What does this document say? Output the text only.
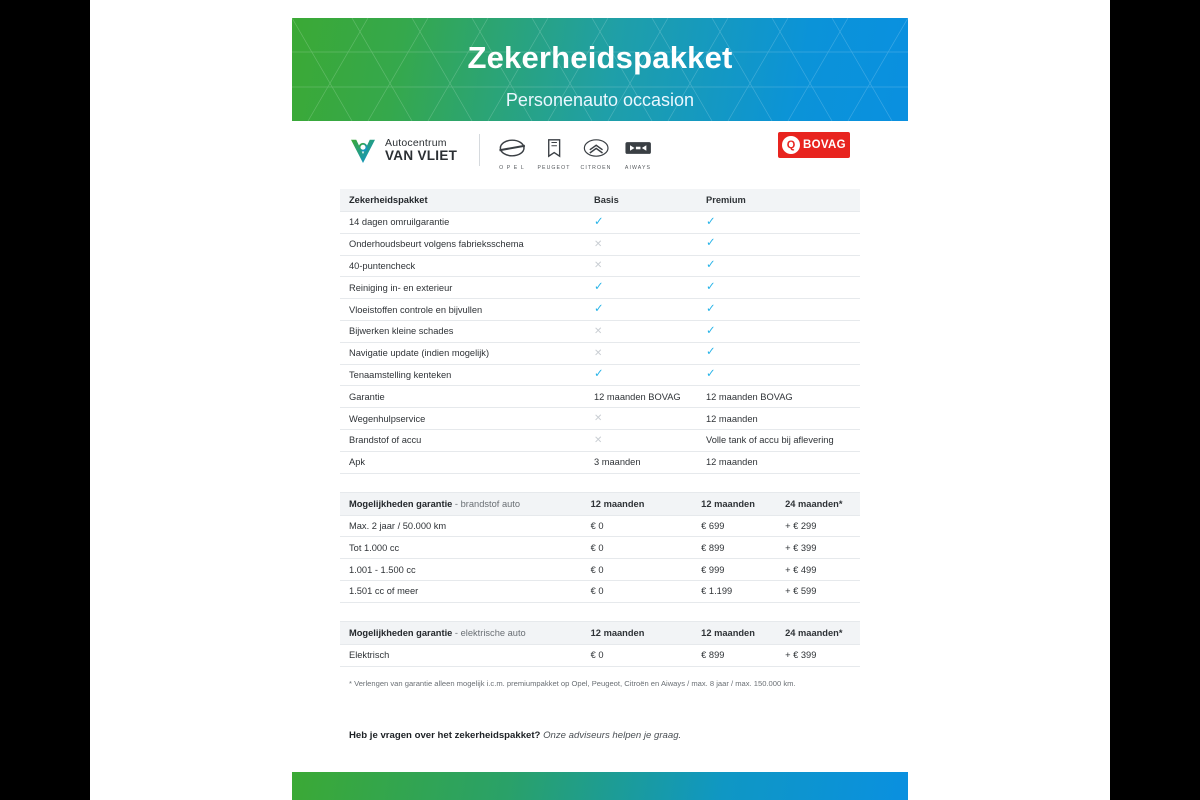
Zekerheidspakket
Personenauto occasion
Autocentrum
VAN VLIET
O P E L	PEUGEOT	CITROEN	AIWAYS
Q BOVAG
Zekerheidspakket	Basis	Premium
14 dagen omruilgarantie	✓	✓
Onderhoudsbeurt volgens fabrieksschema	✕	✓
40-puntencheck	✕	✓
Reiniging in- en exterieur	✓	✓
Vloeistoffen controle en bijvullen	✓	✓
Bijwerken kleine schades	✕	✓
Navigatie update (indien mogelijk)	✕	✓
Tenaamstelling kenteken	✓	✓
Garantie	12 maanden BOVAG	12 maanden BOVAG
Wegenhulpservice	✕	12 maanden
Brandstof of accu	✕	Volle tank of accu bij aflevering
Apk	3 maanden	12 maanden
Mogelijkheden garantie - brandstof auto	12 maanden	12 maanden	24 maanden*
Max. 2 jaar / 50.000 km	€ 0	€ 699	+ € 299
Tot 1.000 cc	€ 0	€ 899	+ € 399
1.001 - 1.500 cc	€ 0	€ 999	+ € 499
1.501 cc of meer	€ 0	€ 1.199	+ € 599
Mogelijkheden garantie - elektrische auto	12 maanden	12 maanden	24 maanden*
Elektrisch	€ 0	€ 899	+ € 399
* Verlengen van garantie alleen mogelijk i.c.m. premiumpakket op Opel, Peugeot, Citroën en Aiways / max. 8 jaar / max. 150.000 km.
Heb je vragen over het zekerheidspakket? Onze adviseurs helpen je graag.
